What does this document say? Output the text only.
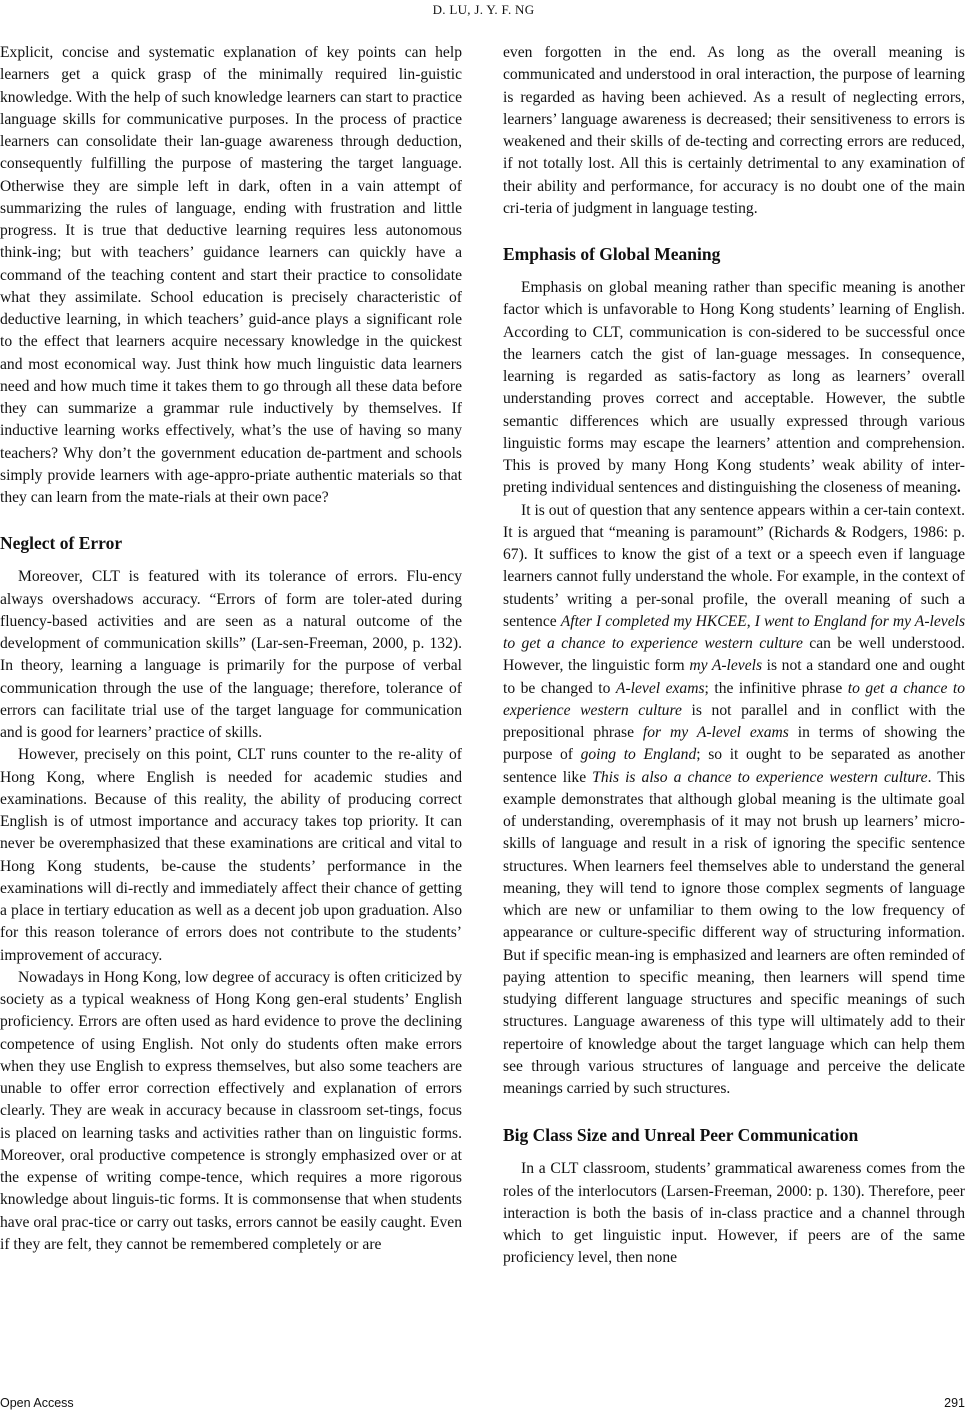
D. LU, J. Y. F. NG

Explicit, concise and systematic explanation of key points can help learners get a quick grasp of the minimally required lin-guistic knowledge. With the help of such knowledge learners can start to practice language skills for communicative purposes. In the process of practice learners can consolidate their lan-guage awareness through deduction, consequently fulfilling the purpose of mastering the target language. Otherwise they are simple left in dark, often in a vain attempt of summarizing the rules of language, ending with frustration and little progress. It is true that deductive learning requires less autonomous think-ing; but with teachers’ guidance learners can quickly have a command of the teaching content and start their practice to consolidate what they assimilate. School education is precisely characteristic of deductive learning, in which teachers’ guid-ance plays a significant role to the effect that learners acquire necessary knowledge in the quickest and most economical way. Just think how much linguistic data learners need and how much time it takes them to go through all these data before they can summarize a grammar rule inductively by themselves. If inductive learning works effectively, what’s the use of having so many teachers? Why don’t the government education de-partment and schools simply provide learners with age-appro-priate authentic materials so that they can learn from the mate-rials at their own pace?

Neglect of Error

Moreover, CLT is featured with its tolerance of errors. Flu-ency always overshadows accuracy. “Errors of form are toler-ated during fluency-based activities and are seen as a natural outcome of the development of communication skills” (Lar-sen-Freeman, 2000, p. 132). In theory, learning a language is primarily for the purpose of verbal communication through the use of the language; therefore, tolerance of errors can facilitate trial use of the target language for communication and is good for learners’ practice of skills.

However, precisely on this point, CLT runs counter to the re-ality of Hong Kong, where English is needed for academic studies and examinations. Because of this reality, the ability of producing correct English is of utmost importance and accuracy takes top priority. It can never be overemphasized that these examinations are critical and vital to Hong Kong students, be-cause the students’ performance in the examinations will di-rectly and immediately affect their chance of getting a place in tertiary education as well as a decent job upon graduation. Also for this reason tolerance of errors does not contribute to the students’ improvement of accuracy.

Nowadays in Hong Kong, low degree of accuracy is often criticized by society as a typical weakness of Hong Kong gen-eral students’ English proficiency. Errors are often used as hard evidence to prove the declining competence of using English. Not only do students often make errors when they use English to express themselves, but also some teachers are unable to offer error correction effectively and explanation of errors clearly. They are weak in accuracy because in classroom set-tings, focus is placed on learning tasks and activities rather than on linguistic forms. Moreover, oral productive competence is strongly emphasized over or at the expense of writing compe-tence, which requires a more rigorous knowledge about linguis-tic forms. It is commonsense that when students have oral prac-tice or carry out tasks, errors cannot be easily caught. Even if they are felt, they cannot be remembered completely or are

even forgotten in the end. As long as the overall meaning is communicated and understood in oral interaction, the purpose of learning is regarded as having been achieved. As a result of neglecting errors, learners’ language awareness is decreased; their sensitiveness to errors is weakened and their skills of de-tecting and correcting errors are reduced, if not totally lost. All this is certainly detrimental to any examination of their ability and performance, for accuracy is no doubt one of the main cri-teria of judgment in language testing.

Emphasis of Global Meaning

Emphasis on global meaning rather than specific meaning is another factor which is unfavorable to Hong Kong students’ learning of English. According to CLT, communication is con-sidered to be successful once the learners catch the gist of lan-guage messages. In consequence, learning is regarded as satis-factory as long as learners’ overall understanding proves correct and acceptable. However, the subtle semantic differences which are usually expressed through various linguistic forms may escape the learners’ attention and comprehension. This is proved by many Hong Kong students’ weak ability of inter-preting individual sentences and distinguishing the closeness of meaning.

It is out of question that any sentence appears within a cer-tain context. It is argued that “meaning is paramount” (Richards & Rodgers, 1986: p. 67). It suffices to know the gist of a text or a speech even if language learners cannot fully understand the whole. For example, in the context of students’ writing a per-sonal profile, the overall meaning of such a sentence After I completed my HKCEE, I went to England for my A-levels to get a chance to experience western culture can be well understood. However, the linguistic form my A-levels is not a standard one and ought to be changed to A-level exams; the infinitive phrase to get a chance to experience western culture is not parallel and in conflict with the prepositional phrase for my A-level exams in terms of showing the purpose of going to England; so it ought to be separated as another sentence like This is also a chance to experience western culture. This example demonstrates that although global meaning is the ultimate goal of understanding, overemphasis of it may not brush up learners’ micro-skills of language and result in a risk of ignoring the specific sentence structures. When learners feel themselves able to understand the general meaning, they will tend to ignore those complex segments of language which are new or unfamiliar to them owing to the low frequency of appearance or culture-specific different way of structuring information. But if specific mean-ing is emphasized and learners are often reminded of paying attention to specific meaning, then learners will spend time studying different language structures and specific meanings of such structures. Language awareness of this type will ultimately add to their repertoire of knowledge about the target language which can help them see through various structures of language and perceive the delicate meanings carried by such structures.

Big Class Size and Unreal Peer Communication

In a CLT classroom, students’ grammatical awareness comes from the roles of the interlocutors (Larsen-Freeman, 2000: p. 130). Therefore, peer interaction is both the basis of in-class practice and a channel through which to get linguistic input. However, if peers are of the same proficiency level, then none

Open Access	291
